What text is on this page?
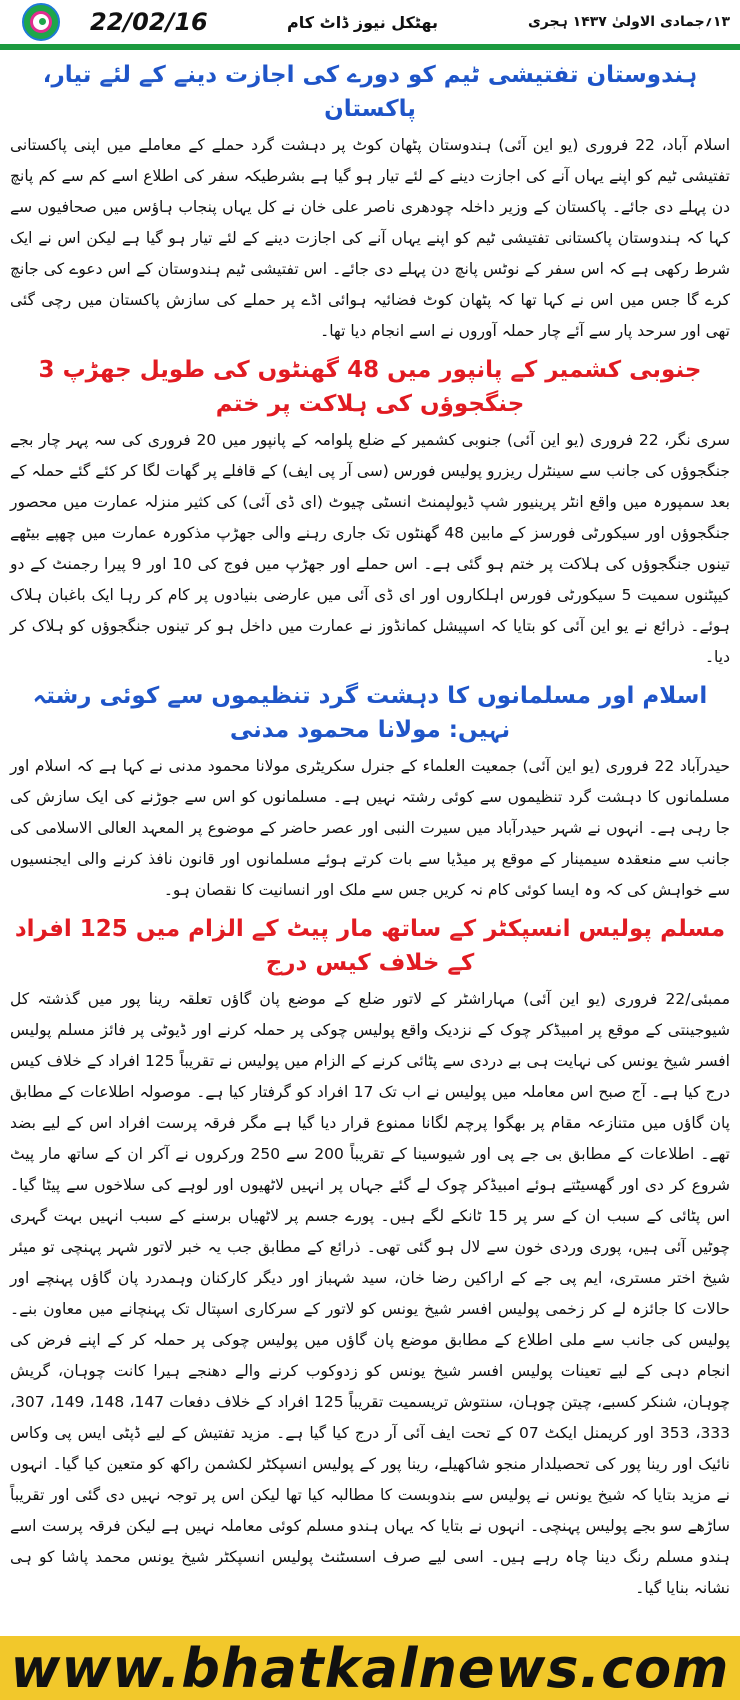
22/02/16	بھٹکل نیوز ڈاٹ کام	۱۳؍جمادی الاولیٰ ۱۴۳۷ ہجری
ہندوستان تفتیشی ٹیم کو دورے کی اجازت دینے کے لئے تیار، پاکستان

اسلام آباد، 22 فروری (یو این آئی) ہندوستان پٹھان کوٹ پر دہشت گرد حملے کے معاملے میں اپنی پاکستانی تفتیشی ٹیم کو اپنے یہاں آنے کی اجازت دینے کے لئے تیار ہو گیا ہے بشرطیکہ سفر کی اطلاع اسے کم سے کم پانچ دن پہلے دی جائے۔ پاکستان کے وزیر داخلہ چودھری ناصر علی خان نے کل یہاں پنجاب ہاؤس میں صحافیوں سے کہا کہ ہندوستان پاکستانی تفتیشی ٹیم کو اپنے یہاں آنے کی اجازت دینے کے لئے تیار ہو گیا ہے لیکن اس نے ایک شرط رکھی ہے کہ اس سفر کے نوٹس پانچ دن پہلے دی جائے۔ اس تفتیشی ٹیم ہندوستان کے اس دعوے کی جانچ کرے گا جس میں اس نے کہا تھا کہ پٹھان کوٹ فضائیہ ہوائی اڈے پر حملے کی سازش پاکستان میں رچی گئی تھی اور سرحد پار سے آئے چار حملہ آوروں نے اسے انجام دیا تھا۔

جنوبی کشمیر کے پانپور میں 48 گھنٹوں کی طویل جھڑپ 3 جنگجوؤں کی ہلاکت پر ختم

سری نگر، 22 فروری (یو این آئی) جنوبی کشمیر کے ضلع پلوامہ کے پانپور میں 20 فروری کی سہ پہر چار بجے جنگجوؤں کی جانب سے سینٹرل ریزرو پولیس فورس (سی آر پی ایف) کے قافلے پر گھات لگا کر کئے گئے حملہ کے بعد سمپورہ میں واقع انٹر پرینیور شپ ڈیولپمنٹ انسٹی چیوٹ (ای ڈی آئی) کی کثیر منزلہ عمارت میں محصور جنگجوؤں اور سیکورٹی فورسز کے مابین 48 گھنٹوں تک جاری رہنے والی جھڑپ مذکورہ عمارت میں چھپے بیٹھے تینوں جنگجوؤں کی ہلاکت پر ختم ہو گئی ہے۔ اس حملے اور جھڑپ میں فوج کی 10 اور 9 پیرا رجمنٹ کے دو کیپٹنوں سمیت 5 سیکورٹی فورس اہلکاروں اور ای ڈی آئی میں عارضی بنیادوں پر کام کر رہا ایک باغبان ہلاک ہوئے۔ ذرائع نے یو این آئی کو بتایا کہ اسپیشل کمانڈوز نے عمارت میں داخل ہو کر تینوں جنگجوؤں کو ہلاک کر دیا۔

اسلام اور مسلمانوں کا دہشت گرد تنظیموں سے کوئی رشتہ نہیں: مولانا محمود مدنی

حیدرآباد 22 فروری (یو این آئی) جمعیت العلماء کے جنرل سکریٹری مولانا محمود مدنی نے کہا ہے کہ اسلام اور مسلمانوں کا دہشت گرد تنظیموں سے کوئی رشتہ نہیں ہے۔ مسلمانوں کو اس سے جوڑنے کی ایک سازش کی جا رہی ہے۔ انہوں نے شہر حیدرآباد میں سیرت النبی اور عصر حاضر کے موضوع پر المعہد العالی الاسلامی کی جانب سے منعقدہ سیمینار کے موقع پر میڈیا سے بات کرتے ہوئے مسلمانوں اور قانون نافذ کرنے والی ایجنسیوں سے خواہش کی کہ وہ ایسا کوئی کام نہ کریں جس سے ملک اور انسانیت کا نقصان ہو۔

مسلم پولیس انسپکٹر کے ساتھ مار پیٹ کے الزام میں 125 افراد کے خلاف کیس درج

ممبئی/22 فروری (یو این آئی) مہاراشٹر کے لاتور ضلع کے موضع پان گاؤں تعلقہ رینا پور میں گذشتہ کل شیوجینتی کے موقع پر امبیڈکر چوک کے نزدیک واقع پولیس چوکی پر حملہ کرنے اور ڈیوٹی پر فائز مسلم پولیس افسر شیخ یونس کی نہایت ہی بے دردی سے پٹائی کرنے کے الزام میں پولیس نے تقریباً 125 افراد کے خلاف کیس درج کیا ہے۔ آج صبح اس معاملہ میں پولیس نے اب تک 17 افراد کو گرفتار کیا ہے۔ موصولہ اطلاعات کے مطابق پان گاؤں میں متنازعہ مقام پر بھگوا پرچم لگانا ممنوع قرار دیا گیا ہے مگر فرقہ پرست افراد اس کے لیے بضد تھے۔ اطلاعات کے مطابق بی جے پی اور شیوسینا کے تقریباً 200 سے 250 ورکروں نے آکر ان کے ساتھ مار پیٹ شروع کر دی اور گھسیٹتے ہوئے امبیڈکر چوک لے گئے جہاں پر انہیں لاٹھیوں اور لوہے کی سلاخوں سے پیٹا گیا۔ اس پٹائی کے سبب ان کے سر پر 15 ٹانکے لگے ہیں۔ پورے جسم پر لاٹھیاں برسنے کے سبب انہیں بہت گہری چوٹیں آئی ہیں، پوری وردی خون سے لال ہو گئی تھی۔ ذرائع کے مطابق جب یہ خبر لاتور شہر پہنچی تو میئر شیخ اختر مستری، ایم پی جے کے اراکین رضا خان، سید شہباز اور دیگر کارکنان وہمدرد پان گاؤں پہنچے اور حالات کا جائزہ لے کر زخمی پولیس افسر شیخ یونس کو لاتور کے سرکاری اسپتال تک پہنچانے میں معاون بنے۔ پولیس کی جانب سے ملی اطلاع کے مطابق موضع پان گاؤں میں پولیس چوکی پر حملہ کر کے اپنے فرض کی انجام دہی کے لیے تعینات پولیس افسر شیخ یونس کو زدوکوب کرنے والے دھنجے ہیرا کانت چوہان، گریش چوہان، شنکر کسبے، چیتن چوہان، سنتوش تریسمیت تقریباً 125 افراد کے خلاف دفعات 147، 148، 149، 307، 333، 353 اور کریمنل ایکٹ 07 کے تحت ایف آئی آر درج کیا گیا ہے۔ مزید تفتیش کے لیے ڈپٹی ایس پی وکاس نائیک اور رینا پور کی تحصیلدار منجو شاکھیلے، رینا پور کے پولیس انسپکٹر لکشمن راکھ کو متعین کیا گیا۔ انہوں نے مزید بتایا کہ شیخ یونس نے پولیس سے بندوبست کا مطالبہ کیا تھا لیکن اس پر توجہ نہیں دی گئی اور تقریباً ساڑھے سو بجے پولیس پہنچی۔ انہوں نے بتایا کہ یہاں ہندو مسلم کوئی معاملہ نہیں ہے لیکن فرقہ پرست اسے ہندو مسلم رنگ دینا چاہ رہے ہیں۔ اسی لیے صرف اسسٹنٹ پولیس انسپکٹر شیخ یونس محمد پاشا کو ہی نشانہ بنایا گیا۔

www.bhatkalnews.com
